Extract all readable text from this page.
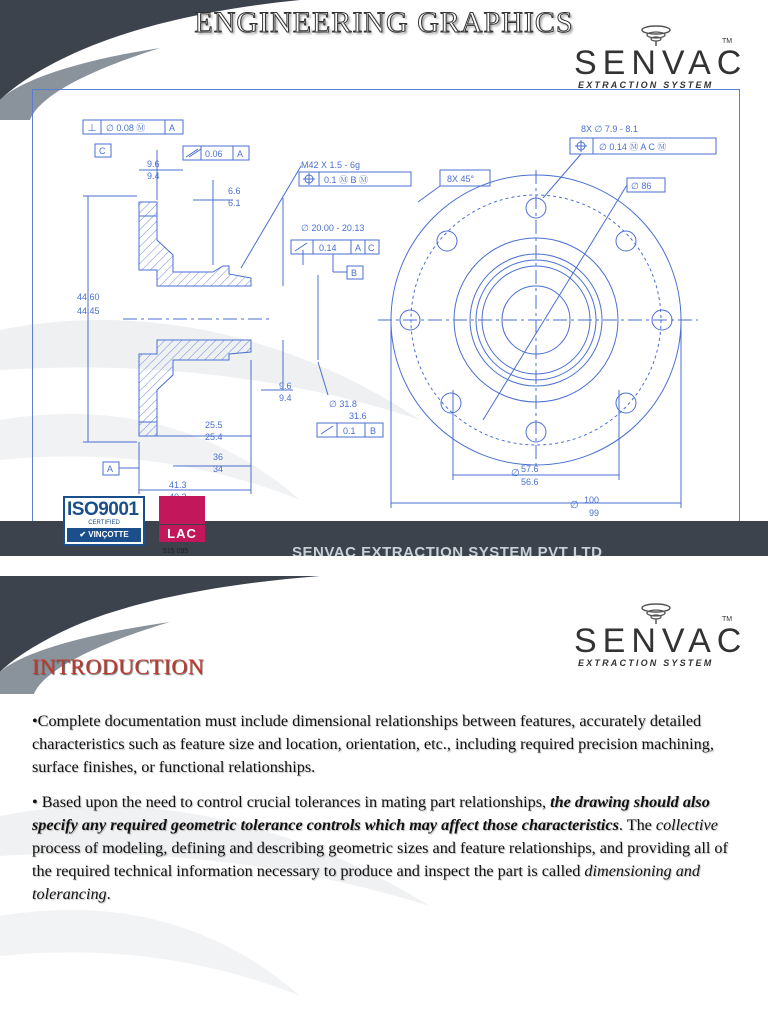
ENGINEERING GRAPHICS
SENVAC
TM
EXTRACTION SYSTEM
⊥ ∅ 0.08 Ⓜ	A
C	0.06 A
9.6
9.4
6.6
6.1
44.60
44.45
9.6
9.4
25.5
25.4
36
34
41.3
A
M42 X 1.5 - 6g
0.1 Ⓜ B Ⓜ
∅ 20.00 - 20.13
0.14 A C
B
∅ 31.8
31.6
0.1 B
8X ∅ 7.9 - 8.1
∅ 0.14 Ⓜ A C Ⓜ
8X 45°
∅ 86
∅ 57.6
56.6
∅ 100
99
SENVAC EXTRACTION SYSTEM PVT LTD
ISO9001
CERTIFIED
✔ VINÇOTTE	LAC
515 095
SENVAC
TM
EXTRACTION SYSTEM
INTRODUCTION

•Complete documentation must include dimensional relationships between features, accurately detailed characteristics such as feature size and location, orientation, etc., including required precision machining, surface finishes, or functional relationships.

• Based upon the need to control crucial tolerances in mating part relationships, the drawing should also specify any required geometric tolerance controls which may affect those characteristics. The collective process of modeling, defining and describing geometric sizes and feature relationships, and providing all of the required technical information necessary to produce and inspect the part is called dimensioning and tolerancing.
